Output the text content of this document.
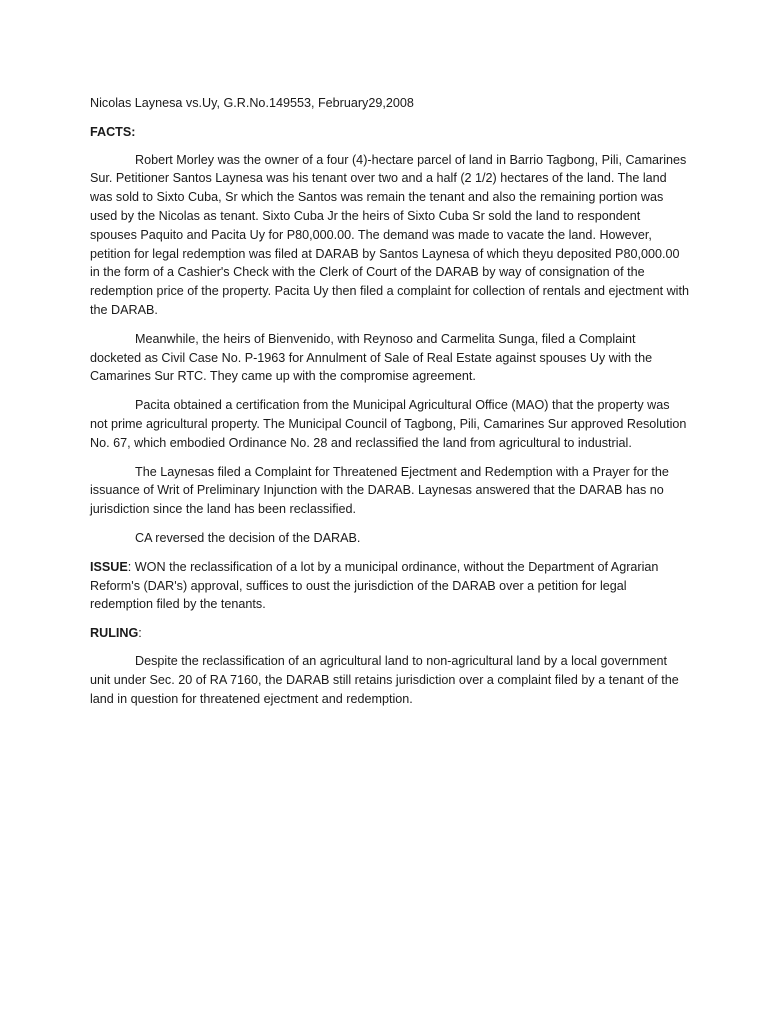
Nicolas Laynesa vs.Uy, G.R.No.149553, February29,2008

FACTS:

Robert Morley was the owner of a four (4)-hectare parcel of land in Barrio Tagbong, Pili, Camarines Sur. Petitioner Santos Laynesa was his tenant over two and a half (2 1/2) hectares of the land. The land was sold to Sixto Cuba, Sr which the Santos was remain the tenant and also the remaining portion was used by the Nicolas as tenant. Sixto Cuba Jr the heirs of Sixto Cuba Sr sold the land to respondent spouses Paquito and Pacita Uy for P80,000.00. The demand was made to vacate the land. However, petition for legal redemption was filed at DARAB by Santos Laynesa of which theyu deposited P80,000.00 in the form of a Cashier's Check with the Clerk of Court of the DARAB by way of consignation of the redemption price of the property. Pacita Uy then filed a complaint for collection of rentals and ejectment with the DARAB.

Meanwhile, the heirs of Bienvenido, with Reynoso and Carmelita Sunga, filed a Complaint docketed as Civil Case No. P-1963 for Annulment of Sale of Real Estate against spouses Uy with the Camarines Sur RTC. They came up with the compromise agreement.

Pacita obtained a certification from the Municipal Agricultural Office (MAO) that the property was not prime agricultural property. The Municipal Council of Tagbong, Pili, Camarines Sur approved Resolution No. 67, which embodied Ordinance No. 28 and reclassified the land from agricultural to industrial.

The Laynesas filed a Complaint for Threatened Ejectment and Redemption with a Prayer for the issuance of Writ of Preliminary Injunction with the DARAB. Laynesas answered that the DARAB has no jurisdiction since the land has been reclassified.

CA reversed the decision of the DARAB.

ISSUE: WON the reclassification of a lot by a municipal ordinance, without the Department of Agrarian Reform's (DAR's) approval, suffices to oust the jurisdiction of the DARAB over a petition for legal redemption filed by the tenants.

RULING:

Despite the reclassification of an agricultural land to non-agricultural land by a local government unit under Sec. 20 of RA 7160, the DARAB still retains jurisdiction over a complaint filed by a tenant of the land in question for threatened ejectment and redemption.
